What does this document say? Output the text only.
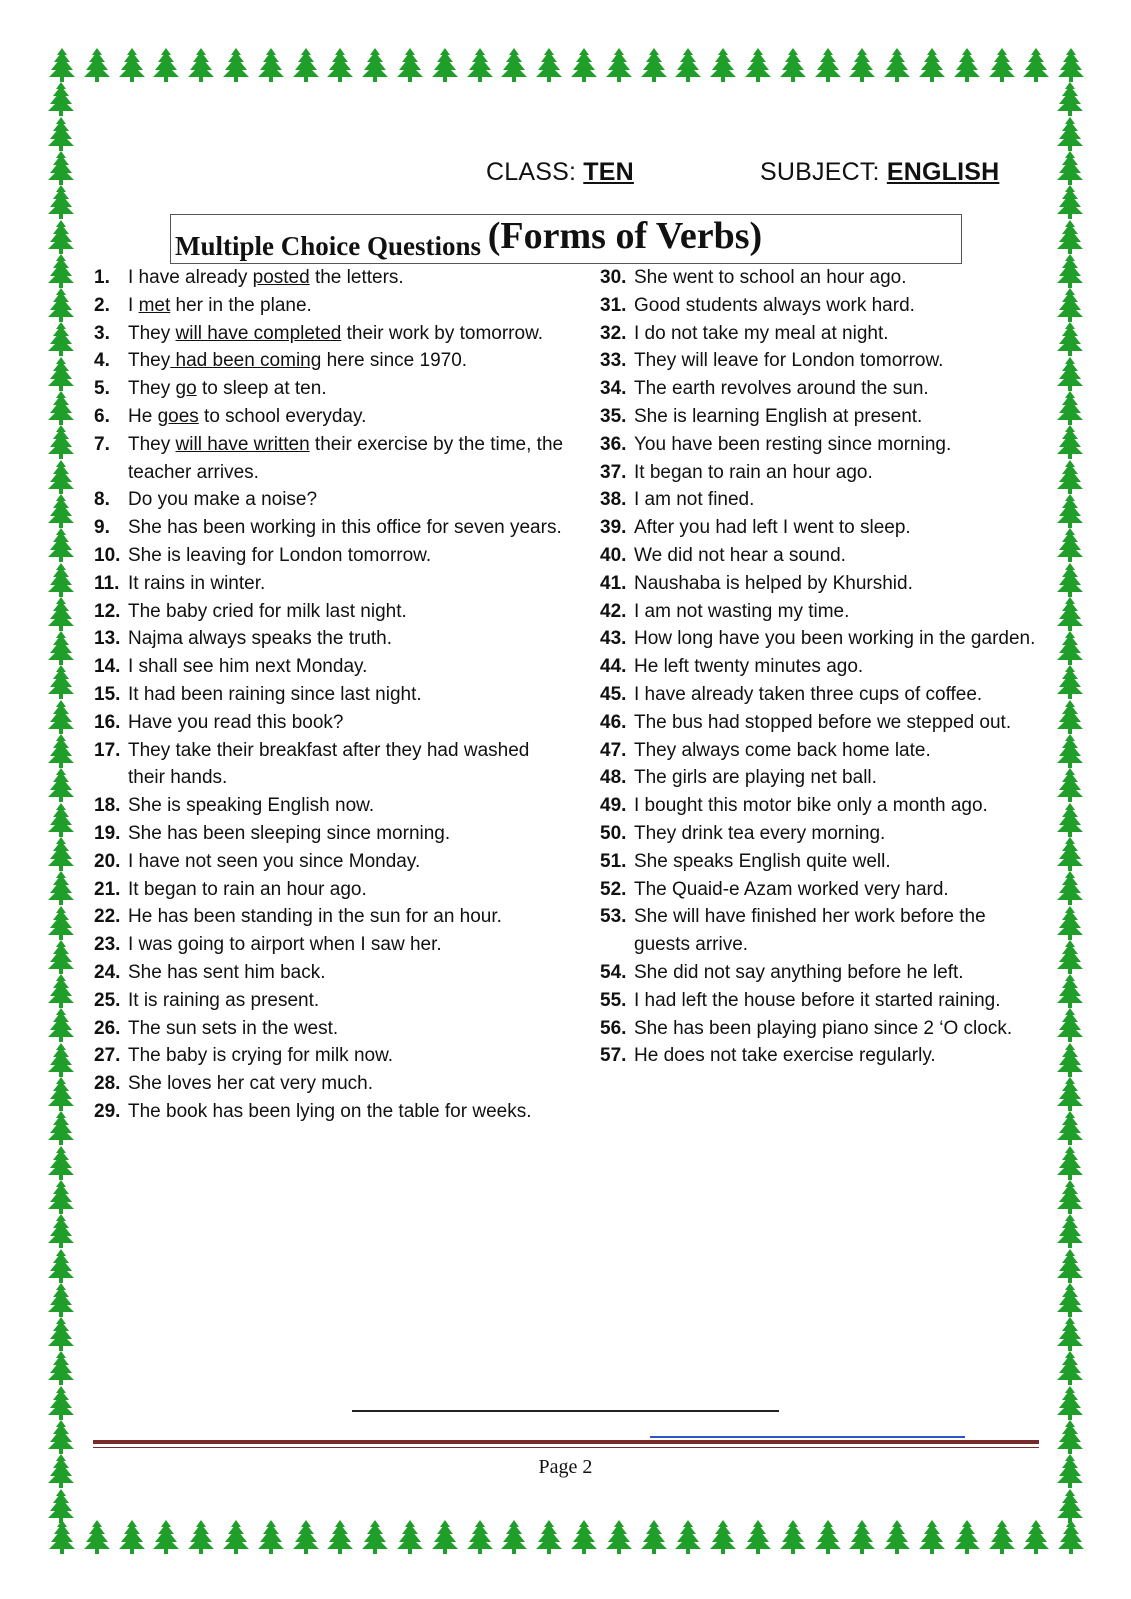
CLASS: TEN	SUBJECT: ENGLISH
Multiple Choice Questions (Forms of Verbs)
1. I have already posted the letters.
2. I met her in the plane.
3. They will have completed their work by tomorrow.
4. They had been coming here since 1970.
5. They go to sleep at ten.
6. He goes to school everyday.
7. They will have written their exercise by the time, the teacher arrives.
8. Do you make a noise?
9. She has been working in this office for seven years.
10. She is leaving for London tomorrow.
11. It rains in winter.
12. The baby cried for milk last night.
13. Najma always speaks the truth.
14. I shall see him next Monday.
15. It had been raining since last night.
16. Have you read this book?
17. They take their breakfast after they had washed their hands.
18. She is speaking English now.
19. She has been sleeping since morning.
20. I have not seen you since Monday.
21. It began to rain an hour ago.
22. He has been standing in the sun for an hour.
23. I was going to airport when I saw her.
24. She has sent him back.
25. It is raining as present.
26. The sun sets in the west.
27. The baby is crying for milk now.
28. She loves her cat very much.
29. The book has been lying on the table for weeks.
30. She went to school an hour ago.
31. Good students always work hard.
32. I do not take my meal at night.
33. They will leave for London tomorrow.
34. The earth revolves around the sun.
35. She is learning English at present.
36. You have been resting since morning.
37. It began to rain an hour ago.
38. I am not fined.
39. After you had left I went to sleep.
40. We did not hear a sound.
41. Naushaba is helped by Khurshid.
42. I am not wasting my time.
43. How long have you been working in the garden.
44. He left twenty minutes ago.
45. I have already taken three cups of coffee.
46. The bus had stopped before we stepped out.
47. They always come back home late.
48. The girls are playing net ball.
49. I bought this motor bike only a month ago.
50. They drink tea every morning.
51. She speaks English quite well.
52. The Quaid-e Azam worked very hard.
53. She will have finished her work before the guests arrive.
54. She did not say anything before he left.
55. I had left the house before it started raining.
56. She has been playing piano since 2 ‘O clock.
57. He does not take exercise regularly.
Page 2
